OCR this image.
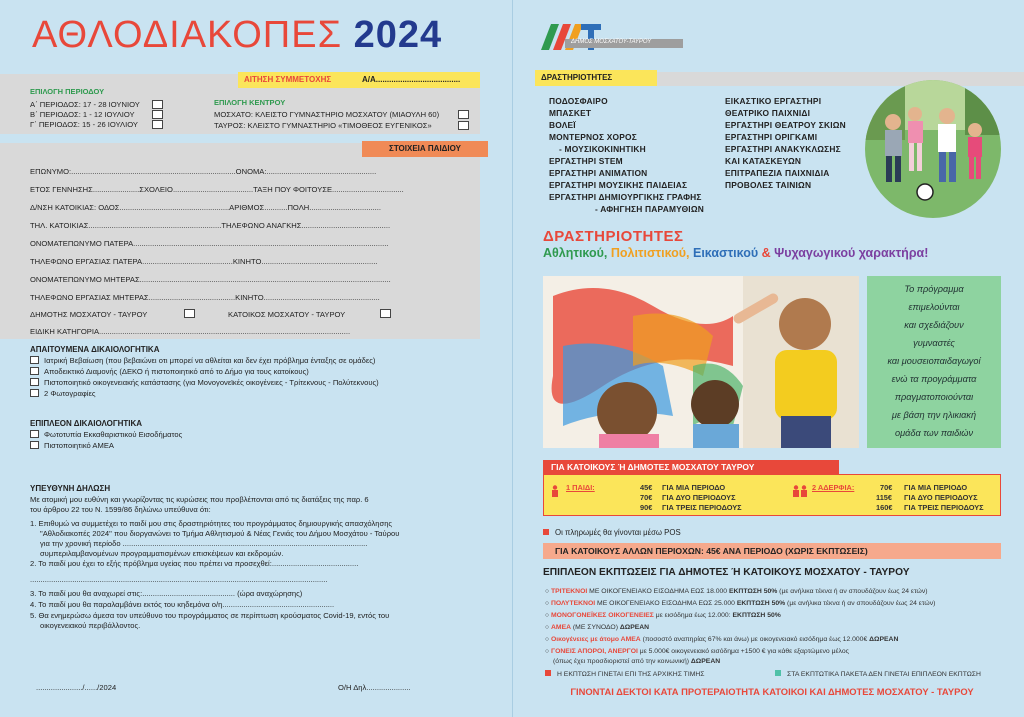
ΑΘΛΟΔΙΑΚΟΠΕΣ 2024
ΕΠΙΛΟΓΗ ΠΕΡΙΟΔΟΥ
Α΄ ΠΕΡΙΟΔΟΣ: 17 - 28 ΙΟΥΝΙΟΥ
Β΄ ΠΕΡΙΟΔΟΣ: 1 - 12 ΙΟΥΛΙΟΥ
Γ΄ ΠΕΡΙΟΔΟΣ: 15 - 26 ΙΟΥΛΙΟΥ
ΕΠΙΛΟΓΗ ΚΕΝΤΡΟΥ
ΜΟΣΧΑΤΟ: ΚΛΕΙΣΤΟ ΓΥΜΝΑΣΤΗΡΙΟ ΜΟΣΧΑΤΟΥ (ΜΙΑΟΥΛΗ 60)
ΤΑΥΡΟΣ: ΚΛΕΙΣΤΟ ΓΥΜΝΑΣΤΗΡΙΟ «ΤΙΜΟΘΕΟΣ ΕΥΓΕΝΙΚΟΣ»
ΑΙΤΗΣΗ ΣΥΜΜΕΤΟΧΗΣ	Α/Α......................................
ΕΠΩΝΥΜΟ:..............................................................................ΟΝΟΜΑ:....................................................
ΕΤΟΣ ΓΕΝΝΗΣΗΣ......................ΣΧΟΛΕΙΟ......................................ΤΑΞΗ ΠΟΥ ΦΟΙΤΟΥΣΕ..................................
Δ/ΝΣΗ ΚΑΤΟΙΚΙΑΣ: ΟΔΟΣ....................................................ΑΡΙΘΜΟΣ...........ΠΟΛΗ..................................
ΤΗΛ. ΚΑΤΟΙΚΙΑΣ...............................................................ΤΗΛΕΦΩΝΟ ΑΝΑΓΚΗΣ..........................................
ΟΝΟΜΑΤΕΠΩΝΥΜΟ ΠΑΤΕΡΑ.........................................................................................................................
ΤΗΛΕΦΩΝΟ ΕΡΓΑΣΙΑΣ ΠΑΤΕΡΑ...........................................ΚΙΝΗΤΟ.......................................................
ΟΝΟΜΑΤΕΠΩΝΥΜΟ ΜΗΤΕΡΑΣ.......................................................................................................................
ΤΗΛΕΦΩΝΟ ΕΡΓΑΣΙΑΣ ΜΗΤΕΡΑΣ.........................................ΚΙΝΗΤΟ.......................................................
ΔΗΜΟΤΗΣ ΜΟΣΧΑΤΟΥ - ΤΑΥΡΟΥ	ΚΑΤΟΙΚΟΣ ΜΟΣΧΑΤΟΥ - ΤΑΥΡΟΥ
ΕΙΔΙΚΗ ΚΑΤΗΓΟΡΙΑ.......................................................................................................................
ΣΤΟΙΧΕΙΑ ΠΑΙΔΙΟΥ
ΑΠΑΙΤΟΥΜΕΝΑ ΔΙΚΑΙΟΛΟΓΗΤΙΚΑ
Ιατρική Βεβαίωση (που βεβαιώνει οτι μπορεί να αθλείται και δεν έχει πρόβλημα ένταξης σε ομάδες)
Αποδεικτικό Διαμονής (ΔΕΚΟ ή πιστοποιητικό από το Δήμο για τους κατοίκους)
Πιστοποιητικό οικογενειακής κατάστασης (για Μονογονεϊκές οικογένειες - Τρίτεκνους - Πολύτεκνους)
2 Φωτογραφίες
ΕΠΙΠΛΕΟΝ ΔΙΚΑΙΟΛΟΓΗΤΙΚΑ
Φωτοτυπία Εκκαθαριστικού Εισοδήματος
Πιστοποιητικό ΑΜΕΑ
ΥΠΕΥΘΥΝΗ ΔΗΛΩΣΗ
Με ατομική μου ευθύνη και γνωρίζοντας τις κυρώσεις που προβλέπονται από τις διατάξεις της παρ. 6
του άρθρου 22 του Ν. 1599/86 δηλώνω υπεύθυνα ότι:
1. Επιθυμώ να συμμετέχει το παιδί μου στις δραστηριότητες του προγράμματος δημιουργικής απασχόλησης
"Αθλοδιακοπές 2024" που διοργανώνει το Τμήμα Αθλητισμού & Νέας Γενιάς του Δήμου Μοσχάτου - Ταύρου
για την χρονική περίοδο ....................................................................................................................
συμπεριλαμβανομένων προγραμματισμένων επισκέψεων και εκδρομών.
2. Το παιδί μου έχει το εξής πρόβλημα υγείας που πρέπει να προσεχθεί:.........................................
.............................................................................................................................................
3. Το παιδί μου θα αναχωρεί στις:............................................ (ώρα αναχώρησης)
4. Το παιδί μου θα παραλαμβάνει εκτός του κηδεμόνα ο/η.....................................................
5. Θα ενημερώσω άμεσα τον υπεύθυνο του προγράμματος σε περίπτωση κρούσματος Covid-19, εντός του
οικογενειακού περιβάλλοντος.
....................../....../2024	Ο/Η Δηλ.....................
ΔΗΜΟΣ ΜΟΣΧΑΤΟΥ-ΤΑΥΡΟΥ
ΔΡΑΣΤΗΡΙΟΤΗΤΕΣ
ΠΟΔΟΣΦΑΙΡΟ
ΜΠΑΣΚΕΤ
ΒΟΛΕΪ
ΜΟΝΤΕΡΝΟΣ ΧΟΡΟΣ
- ΜΟΥΣΙΚΟΚΙΝΗΤΙΚΗ
ΕΡΓΑΣΤΗΡΙ STEM
ΕΡΓΑΣΤΗΡΙ ANIMATION
ΕΡΓΑΣΤΗΡΙ ΜΟΥΣΙΚΗΣ ΠΑΙΔΕΙΑΣ
ΕΡΓΑΣΤΗΡΙ ΔΗΜΙΟΥΡΓΙΚΗΣ ΓΡΑΦΗΣ
- ΑΦΗΓΗΣΗ ΠΑΡΑΜΥΘΙΩΝ
ΕΙΚΑΣΤΙΚΟ ΕΡΓΑΣΤΗΡΙ
ΘΕΑΤΡΙΚΟ ΠΑΙΧΝΙΔΙ
ΕΡΓΑΣΤΗΡΙ ΘΕΑΤΡΟΥ ΣΚΙΩΝ
ΕΡΓΑΣΤΗΡΙ ΟΡΙΓΚΑΜΙ
ΕΡΓΑΣΤΗΡΙ ΑΝΑΚΥΚΛΩΣΗΣ
ΚΑΙ ΚΑΤΑΣΚΕΥΩΝ
ΕΠΙΤΡΑΠΕΖΙΑ ΠΑΙΧΝΙΔΙΑ
ΠΡΟΒΟΛΕΣ ΤΑΙΝΙΩΝ
ΔΡΑΣΤΗΡΙΟΤΗΤΕΣ
Αθλητικού, Πολιτιστικού, Εικαστικού & Ψυχαγωγικού χαρακτήρα!

Το πρόγραμμα

επιμελούνται

και σχεδιάζουν

γυμναστές

και μουσειοπαιδαγωγοί

ενώ τα προγράμματα

πραγματοποιούνται

με βάση την ηλικιακή

ομάδα των παιδιών

ΓΙΑ ΚΑΤΟΙΚΟΥΣ Ή ΔΗΜΟΤΕΣ ΜΟΣΧΑΤΟΥ ΤΑΥΡΟΥ
1 ΠΑΙΔΙ:	45€ ΓΙΑ ΜΙΑ ΠΕΡΙΟΔΟ
70€ ΓΙΑ ΔΥΟ ΠΕΡΙΟΔΟΥΣ
90€ ΓΙΑ ΤΡΕΙΣ ΠΕΡΙΟΔΟΥΣ
2 ΑΔΕΡΦΙΑ:	70€ ΓΙΑ ΜΙΑ ΠΕΡΙΟΔΟ
115€ ΓΙΑ ΔΥΟ ΠΕΡΙΟΔΟΥΣ
160€ ΓΙΑ ΤΡΕΙΣ ΠΕΡΙΟΔΟΥΣ
Οι πληρωμές θα γίνονται μέσω POS
ΓΙΑ ΚΑΤΟΙΚΟΥΣ ΑΛΛΩΝ ΠΕΡΙΟΧΩΝ: 45€ ΑΝΑ ΠΕΡΙΟΔΟ (ΧΩΡΙΣ ΕΚΠΤΩΣΕΙΣ)
ΕΠΙΠΛΕΟΝ ΕΚΠΤΩΣΕΙΣ ΓΙΑ ΔΗΜΟΤΕΣ Ή ΚΑΤΟΙΚΟΥΣ ΜΟΣΧΑΤΟΥ - ΤΑΥΡΟΥ
○ ΤΡΙΤΕΚΝΟΙ ΜΕ ΟΙΚΟΓΕΝΕΙΑΚΟ ΕΙΣΟΔΗΜΑ ΕΩΣ 18.000 ΕΚΠΤΩΣΗ 50% (με ανήλικα τέκνα ή αν σπουδάζουν έως 24 ετών)
○ ΠΟΛΥΤΕΚΝΟΙ ΜΕ ΟΙΚΟΓΕΝΕΙΑΚΟ ΕΙΣΟΔΗΜΑ ΕΩΣ 25.000 ΕΚΠΤΩΣΗ 50% (με ανήλικα τέκνα ή αν σπουδάζουν έως 24 ετών)
○ ΜΟΝΟΓΟΝΕΪΚΕΣ ΟΙΚΟΓΕΝΕΙΕΣ με εισόδημα έως 12.000: ΕΚΠΤΩΣΗ 50%
○ ΑΜΕΑ (ΜΕ ΣΥΝΟΔΟ) ΔΩΡΕΑΝ
○ Οικογένειες με άτομο ΑΜΕΑ (ποσοστό αναπηρίας 67% και άνω) με οικογενειακό εισόδημα έως 12.000€ ΔΩΡΕΑΝ
○ ΓΟΝΕΙΣ ΑΠΟΡΟΙ, ΑΝΕΡΓΟΙ με 5.000€ οικογενειακό εισόδημα +1500 € για κάθε εξαρτώμενο μέλος
(όπως έχει προσδιοριστεί από την κοινωνική) ΔΩΡΕΑΝ
Η ΕΚΠΤΩΣΗ ΓΙΝΕΤΑΙ ΕΠΙ ΤΗΣ ΑΡΧΙΚΗΣ ΤΙΜΗΣ	ΣΤΑ ΕΚΠΤΩΤΙΚΑ ΠΑΚΕΤΑ ΔΕΝ ΓΙΝΕΤΑΙ ΕΠΙΠΛΕΟΝ ΕΚΠΤΩΣΗ
ΓΙΝΟΝΤΑΙ ΔΕΚΤΟΙ ΚΑΤΑ ΠΡΟΤΕΡΑΙΟΤΗΤΑ ΚΑΤΟΙΚΟΙ ΚΑΙ ΔΗΜΟΤΕΣ ΜΟΣΧΑΤΟΥ - ΤΑΥΡΟΥ
